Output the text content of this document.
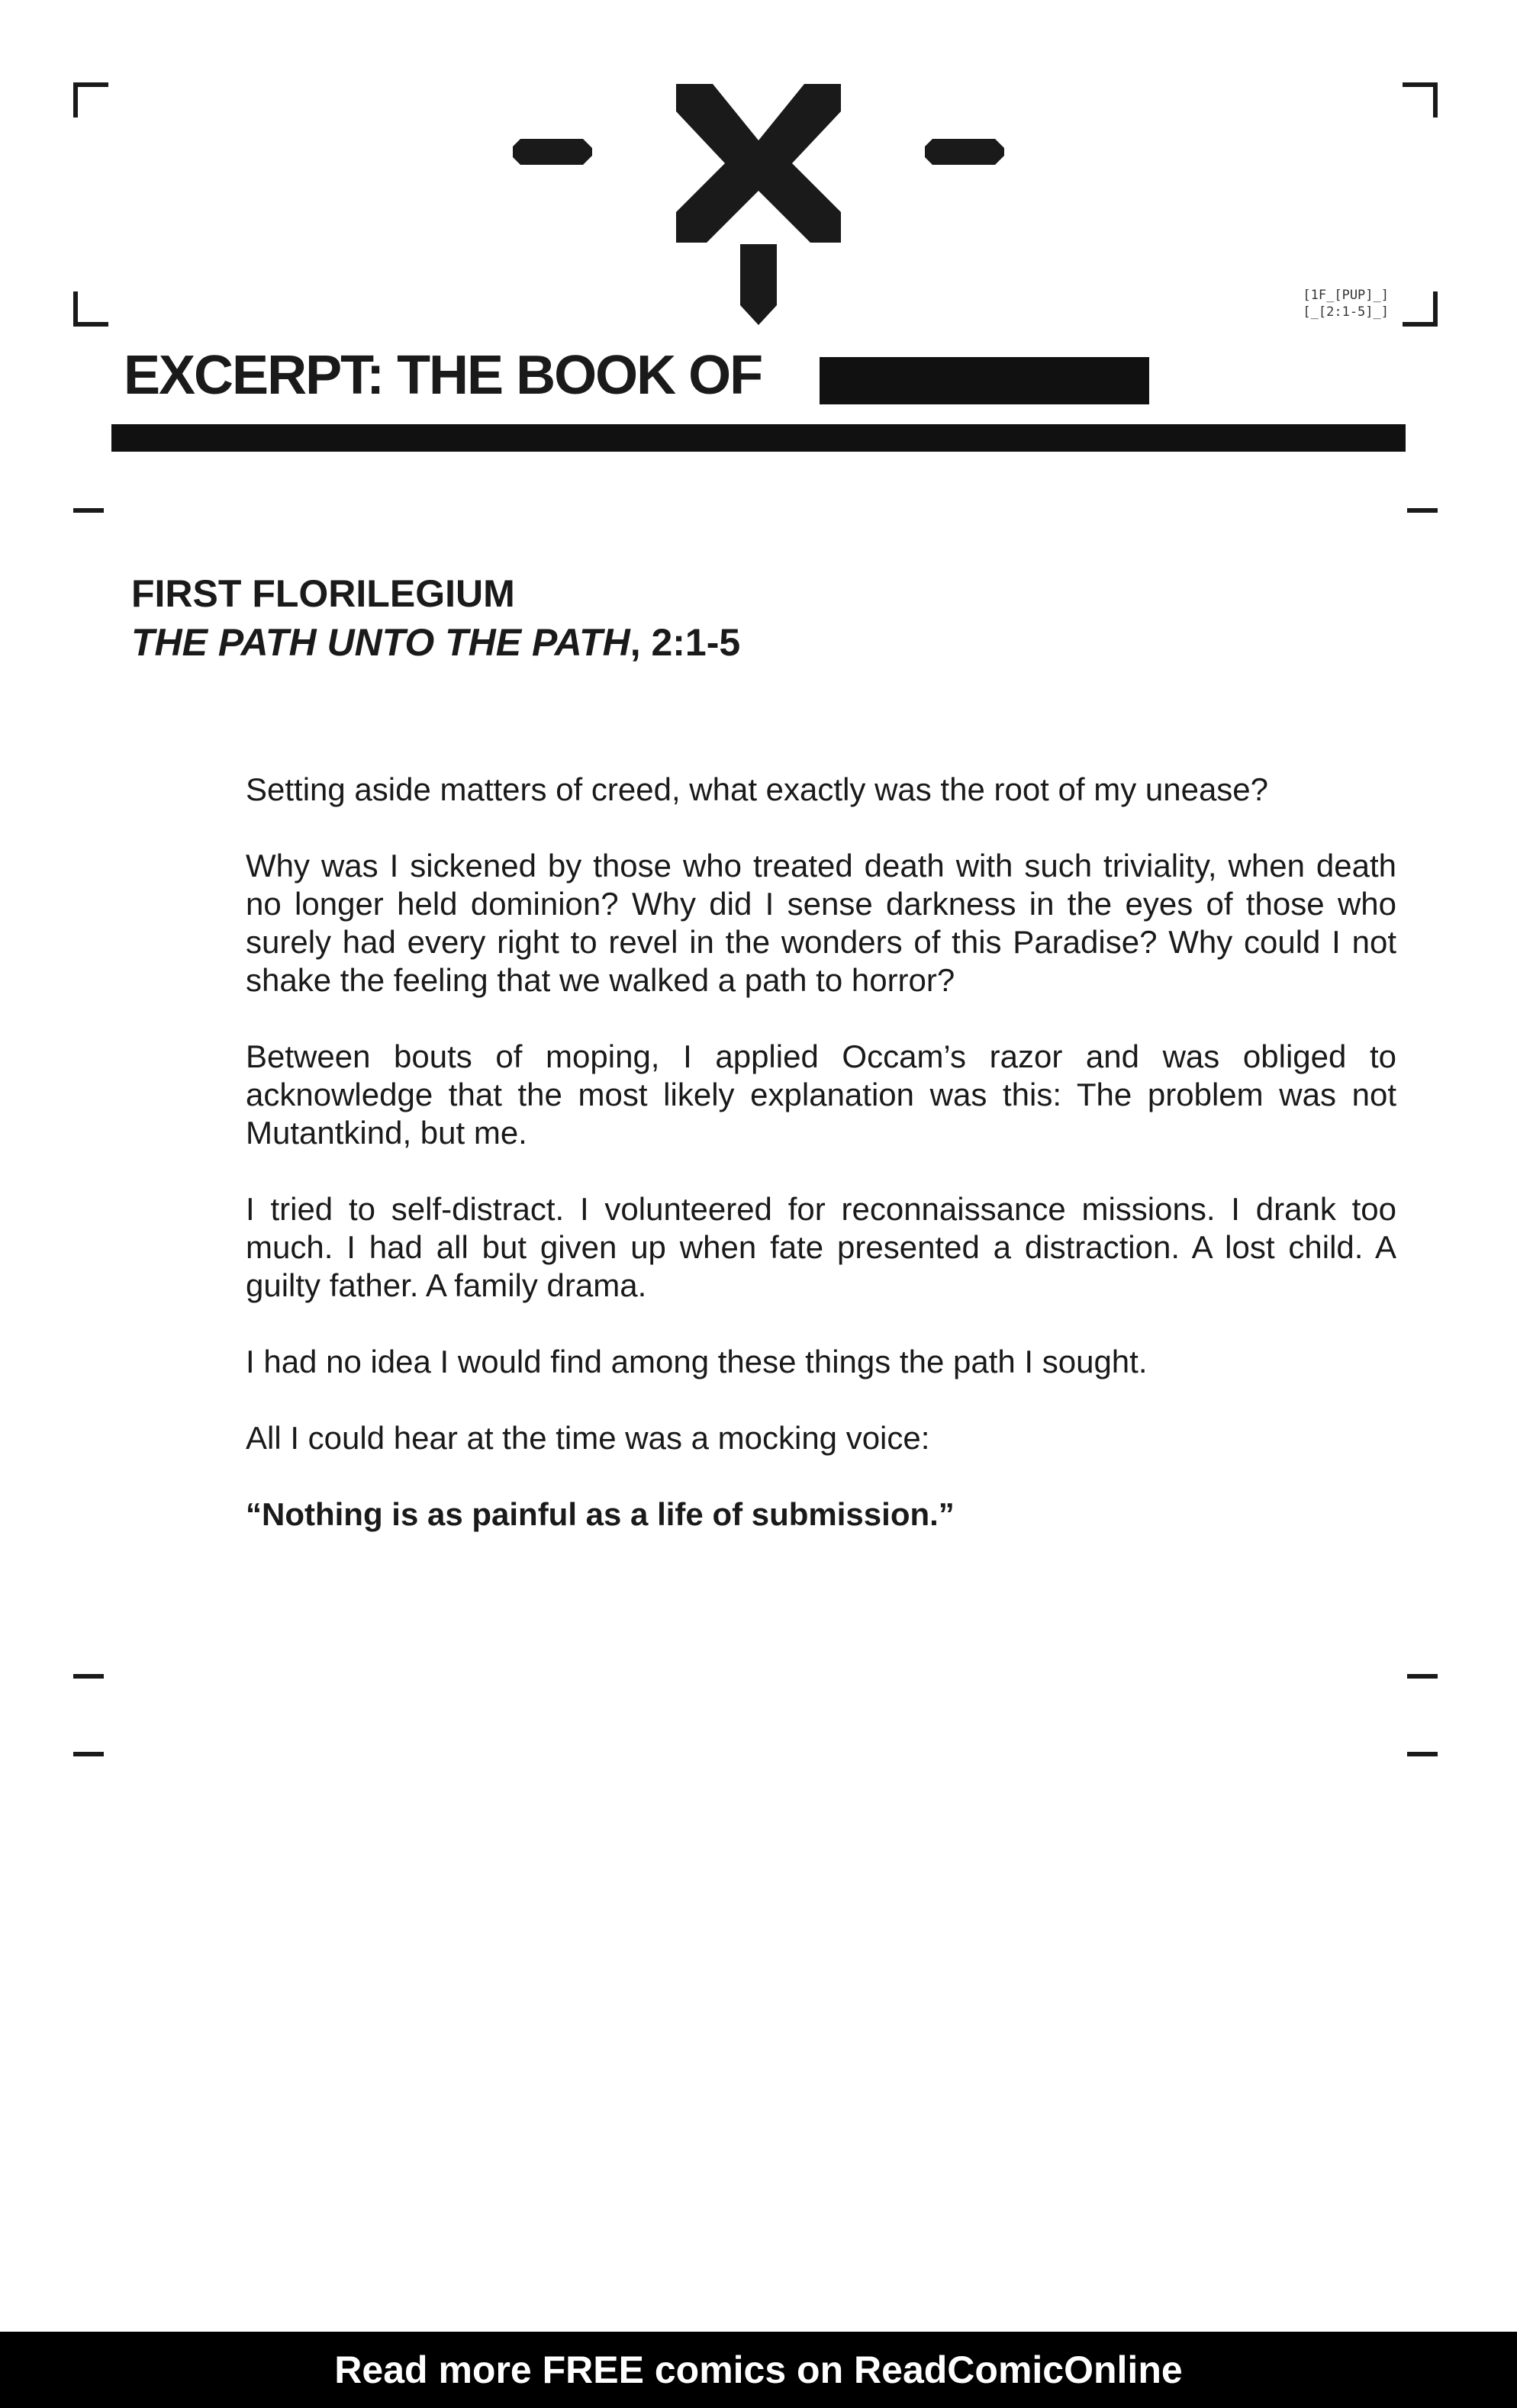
[1F_[PUP]_]
[_[2:1-5]_]
EXCERPT: THE BOOK OF
FIRST FLORILEGIUM
THE PATH UNTO THE PATH, 2:1-5

Setting aside matters of creed, what exactly was the root of my unease?

Why was I sickened by those who treated death with such triviality, when death no longer held dominion? Why did I sense darkness in the eyes of those who surely had every right to revel in the wonders of this Paradise? Why could I not shake the feeling that we walked a path to horror?

Between bouts of moping, I applied Occam’s razor and was obliged to acknowledge that the most likely explanation was this: The problem was not Mutantkind, but me.

I tried to self-distract. I volunteered for reconnaissance missions. I drank too much. I had all but given up when fate presented a distraction. A lost child. A guilty father. A family drama.

I had no idea I would find among these things the path I sought.

All I could hear at the time was a mocking voice:

“Nothing is as painful as a life of submission.”

Read more FREE comics on ReadComicOnline
